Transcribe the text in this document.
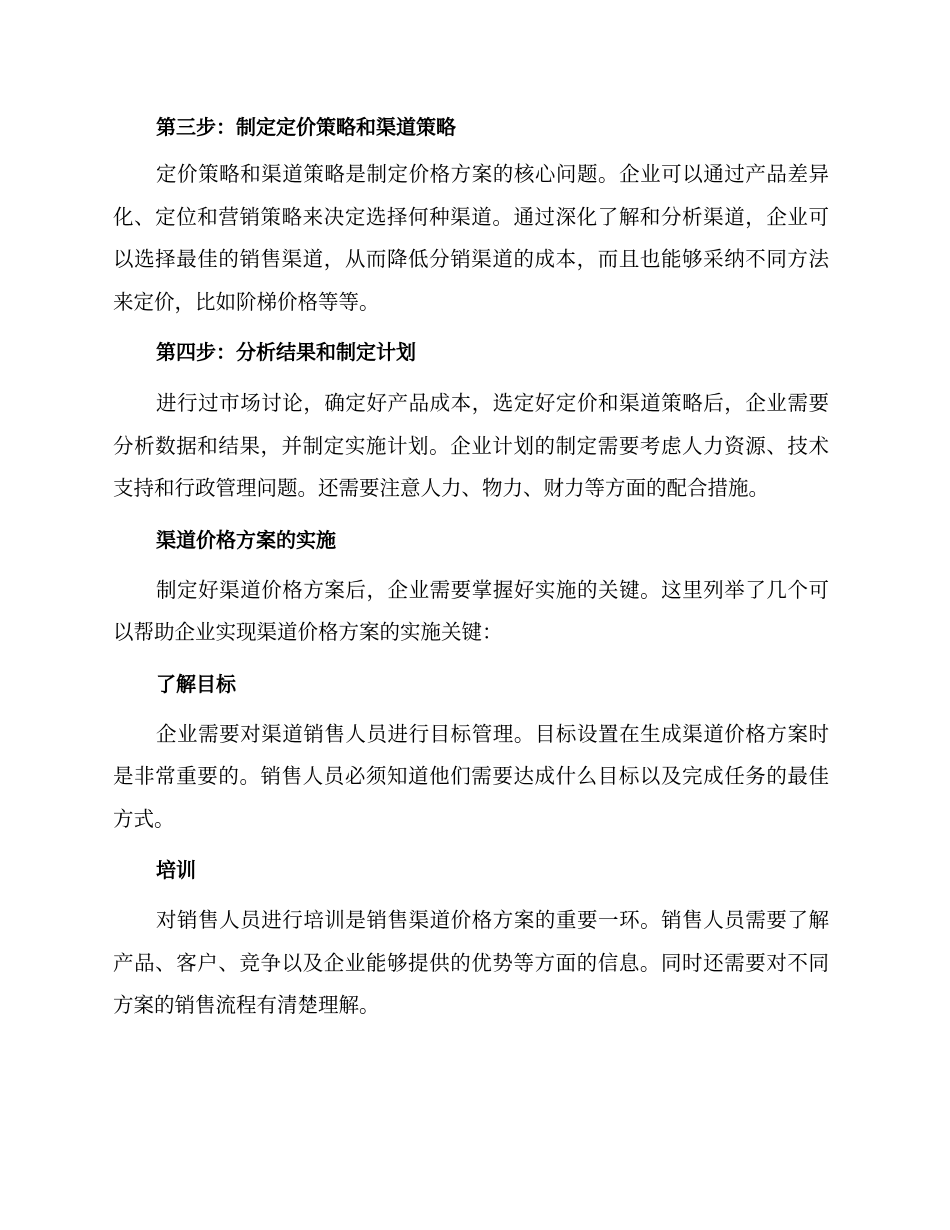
第三步：制定定价策略和渠道策略

定价策略和渠道策略是制定价格方案的核心问题。企业可以通过产品差异化、定位和营销策略来决定选择何种渠道。通过深化了解和分析渠道，企业可以选择最佳的销售渠道，从而降低分销渠道的成本，而且也能够采纳不同方法来定价，比如阶梯价格等等。

第四步：分析结果和制定计划

进行过市场讨论，确定好产品成本，选定好定价和渠道策略后，企业需要分析数据和结果，并制定实施计划。企业计划的制定需要考虑人力资源、技术支持和行政管理问题。还需要注意人力、物力、财力等方面的配合措施。

渠道价格方案的实施

制定好渠道价格方案后，企业需要掌握好实施的关键。这里列举了几个可以帮助企业实现渠道价格方案的实施关键：

了解目标

企业需要对渠道销售人员进行目标管理。目标设置在生成渠道价格方案时是非常重要的。销售人员必须知道他们需要达成什么目标以及完成任务的最佳方式。

培训

对销售人员进行培训是销售渠道价格方案的重要一环。销售人员需要了解产品、客户、竞争以及企业能够提供的优势等方面的信息。同时还需要对不同方案的销售流程有清楚理解。
